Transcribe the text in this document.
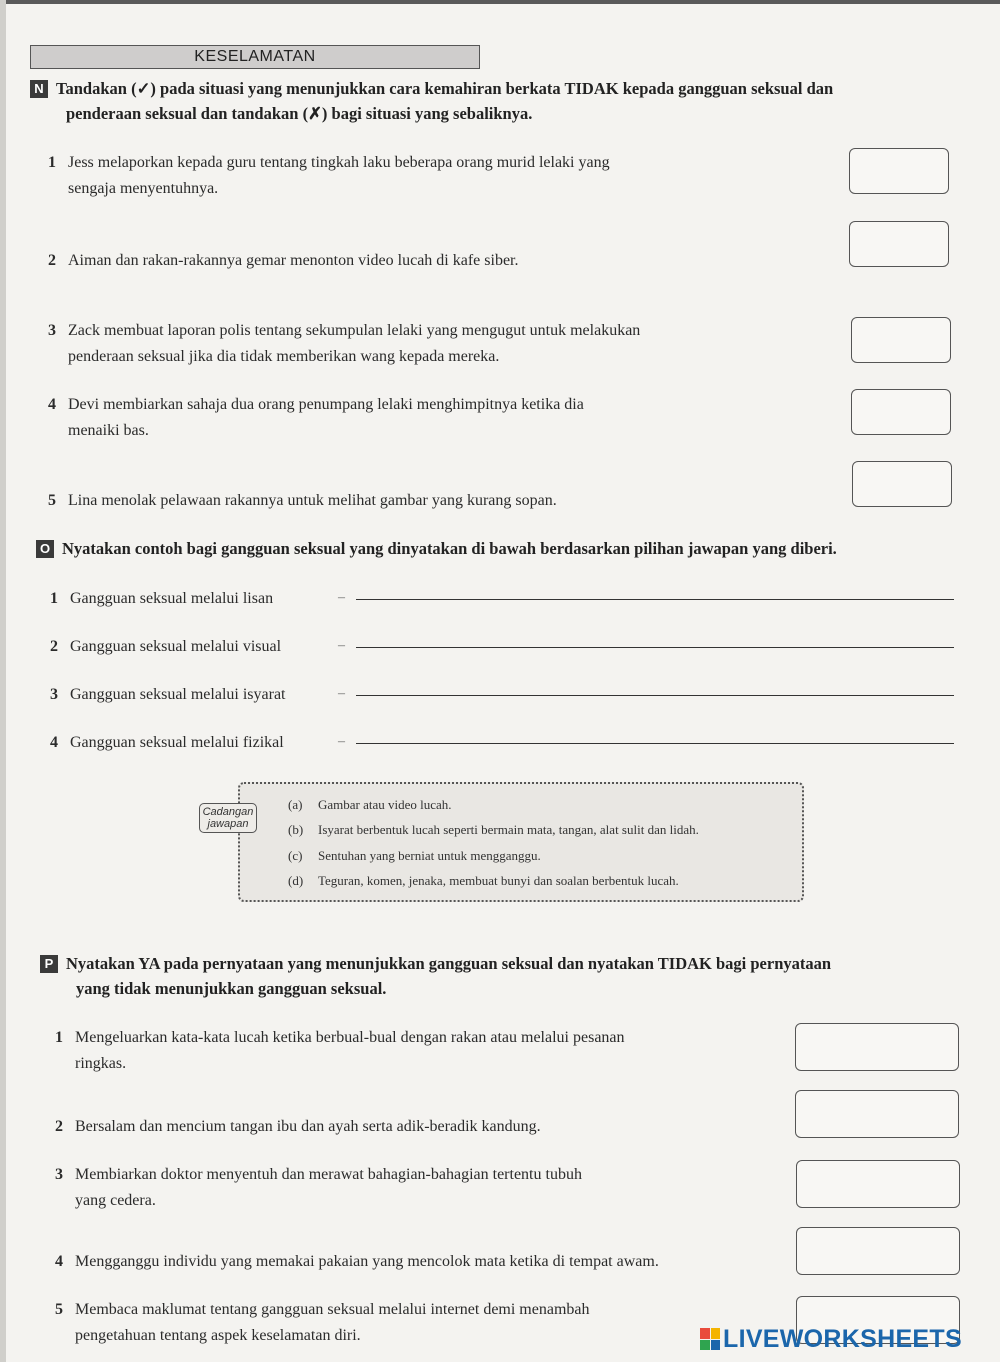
KESELAMATAN
N Tandakan (✓) pada situasi yang menunjukkan cara kemahiran berkata TIDAK kepada gangguan seksual dan
penderaan seksual dan tandakan (✗) bagi situasi yang sebaliknya.
1 Jess melaporkan kepada guru tentang tingkah laku beberapa orang murid lelaki yang
sengaja menyentuhnya.
2 Aiman dan rakan-rakannya gemar menonton video lucah di kafe siber.
3 Zack membuat laporan polis tentang sekumpulan lelaki yang mengugut untuk melakukan
penderaan seksual jika dia tidak memberikan wang kepada mereka.
4 Devi membiarkan sahaja dua orang penumpang lelaki menghimpitnya ketika dia
menaiki bas.
5 Lina menolak pelawaan rakannya untuk melihat gambar yang kurang sopan.
O Nyatakan contoh bagi gangguan seksual yang dinyatakan di bawah berdasarkan pilihan jawapan yang diberi.
1 Gangguan seksual melalui lisan	–
2 Gangguan seksual melalui visual	–
3 Gangguan seksual melalui isyarat	–
4 Gangguan seksual melalui fizikal	–
Cadangan
jawapan
(a) Gambar atau video lucah.
(b) Isyarat berbentuk lucah seperti bermain mata, tangan, alat sulit dan lidah.
(c) Sentuhan yang berniat untuk mengganggu.
(d) Teguran, komen, jenaka, membuat bunyi dan soalan berbentuk lucah.
P Nyatakan YA pada pernyataan yang menunjukkan gangguan seksual dan nyatakan TIDAK bagi pernyataan
yang tidak menunjukkan gangguan seksual.
1 Mengeluarkan kata-kata lucah ketika berbual-bual dengan rakan atau melalui pesanan
ringkas.
2 Bersalam dan mencium tangan ibu dan ayah serta adik-beradik kandung.
3 Membiarkan doktor menyentuh dan merawat bahagian-bahagian tertentu tubuh
yang cedera.
4 Mengganggu individu yang memakai pakaian yang mencolok mata ketika di tempat awam.
5 Membaca maklumat tentang gangguan seksual melalui internet demi menambah
pengetahuan tentang aspek keselamatan diri.	LIVEWORKSHEETS
